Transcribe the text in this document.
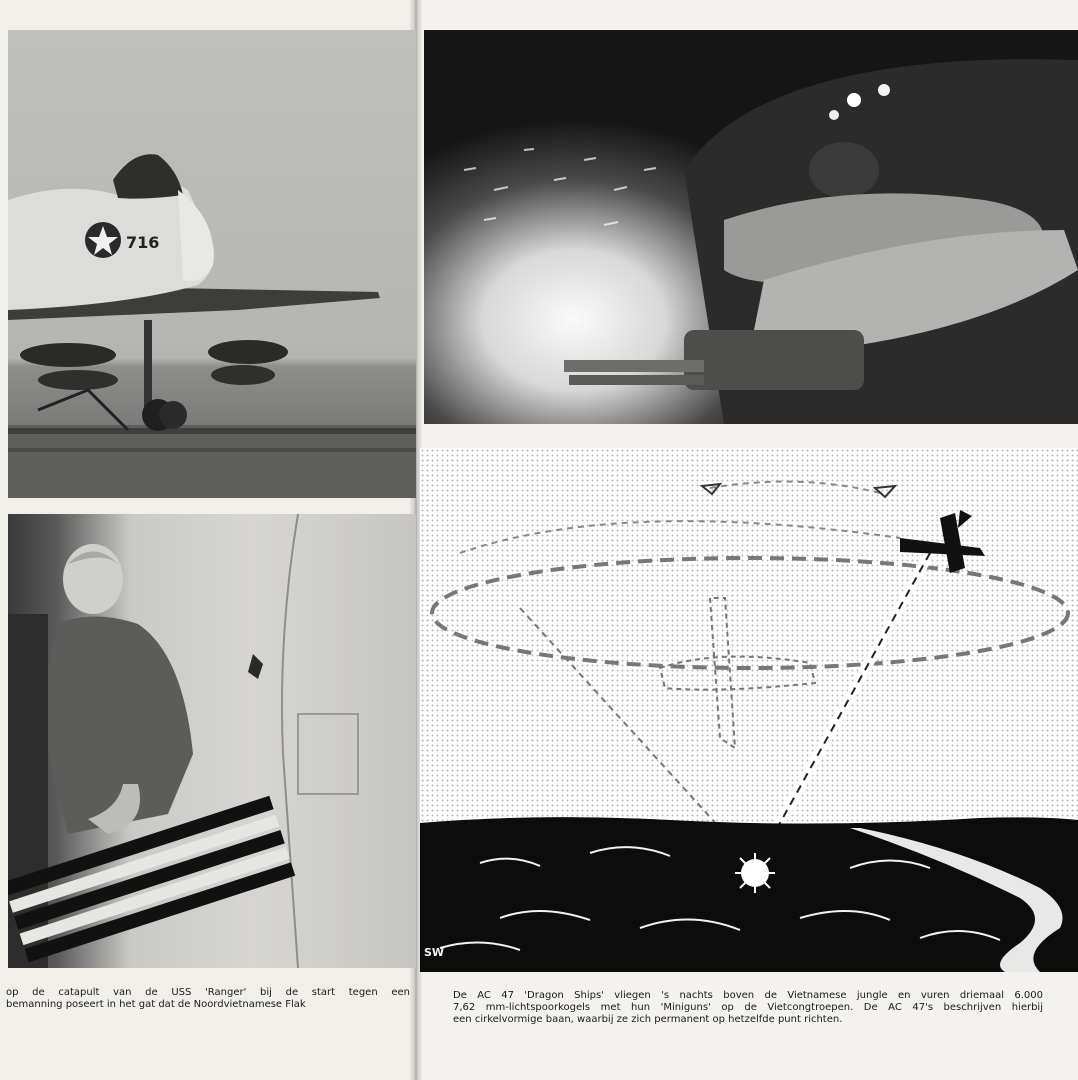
716
SW
op de catapult van de USS 'Ranger' bij de start tegen een
bemanning poseert in het gat dat de Noordvietnamese Flak
De AC 47 'Dragon Ships' vliegen 's nachts boven de Vietnamese jungle en vuren driemaal 6.000
7,62 mm-lichtspoorkogels met hun 'Miniguns' op de Vietcongtroepen. De AC 47's beschrijven hierbij
een cirkelvormige baan, waarbij ze zich permanent op hetzelfde punt richten.
